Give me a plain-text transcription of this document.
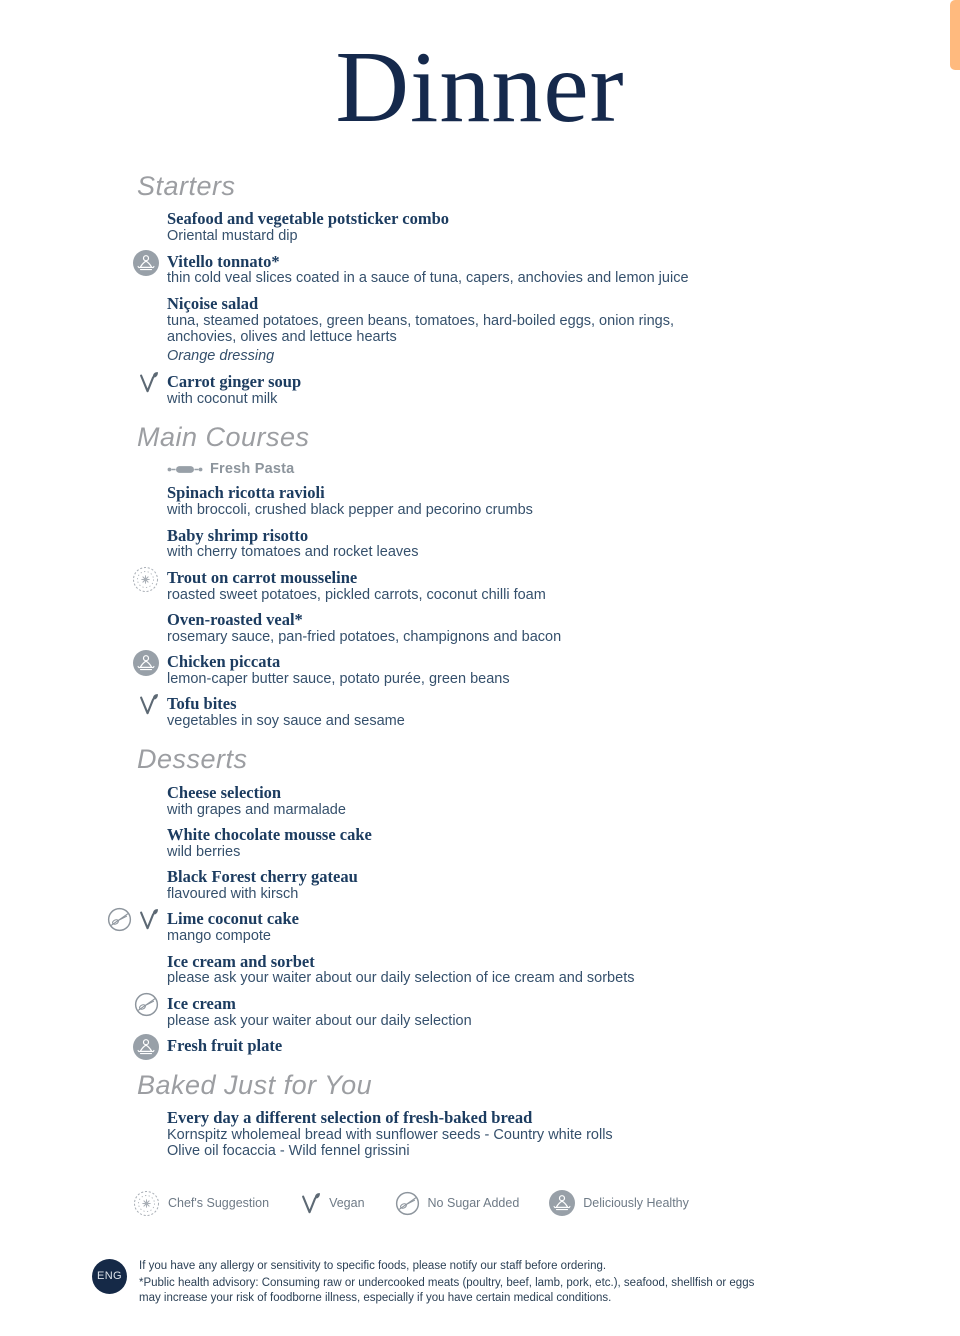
Dinner
Starters
Seafood and vegetable potsticker combo
Oriental mustard dip
Vitello tonnato*
thin cold veal slices coated in a sauce of tuna, capers, anchovies and lemon juice
Niçoise salad
tuna, steamed potatoes, green beans, tomatoes, hard-boiled eggs, onion rings, anchovies, olives and lettuce hearts
Orange dressing
Carrot ginger soup
with coconut milk
Main Courses
Fresh Pasta
Spinach ricotta ravioli
with broccoli, crushed black pepper and pecorino crumbs
Baby shrimp risotto
with cherry tomatoes and rocket leaves
Trout on carrot mousseline
roasted sweet potatoes, pickled carrots, coconut chilli foam
Oven-roasted veal*
rosemary sauce, pan-fried potatoes, champignons and bacon
Chicken piccata
lemon-caper butter sauce, potato purée, green beans
Tofu bites
vegetables in soy sauce and sesame
Desserts
Cheese selection
with grapes and marmalade
White chocolate mousse cake
wild berries
Black Forest cherry gateau
flavoured with kirsch
Lime coconut cake
mango compote
Ice cream and sorbet
please ask your waiter about our daily selection of ice cream and sorbets
Ice cream
please ask your waiter about our daily selection
Fresh fruit plate
Baked Just for You
Every day a different selection of fresh-baked bread
Kornspitz wholemeal bread with sunflower seeds - Country white rolls
Olive oil focaccia - Wild fennel grissini
Chef's Suggestion	Vegan	No Sugar Added	Deliciously Healthy
ENG

If you have any allergy or sensitivity to specific foods, please notify our staff before ordering.

*Public health advisory: Consuming raw or undercooked meats (poultry, beef, lamb, pork, etc.), seafood, shellfish or eggs may increase your risk of foodborne illness, especially if you have certain medical conditions.
